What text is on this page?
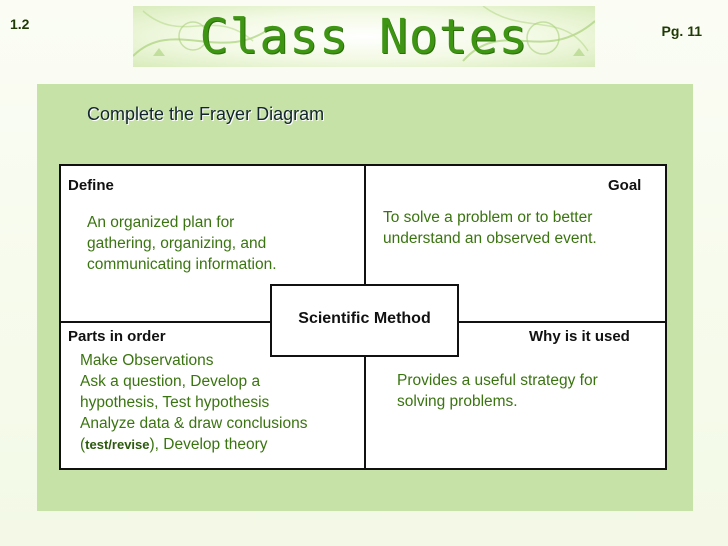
1.2	Class Notes	Pg. 11
Complete the Frayer Diagram
Define
An organized plan for
gathering, organizing, and
communicating information.
Goal
To solve a problem or to better
understand an observed event.
Parts in order
Make Observations
Ask a question, Develop a
hypothesis, Test hypothesis
Analyze data & draw conclusions
(test/revise), Develop theory
Why is it used
Provides a useful strategy for
solving problems.
Scientific Method
